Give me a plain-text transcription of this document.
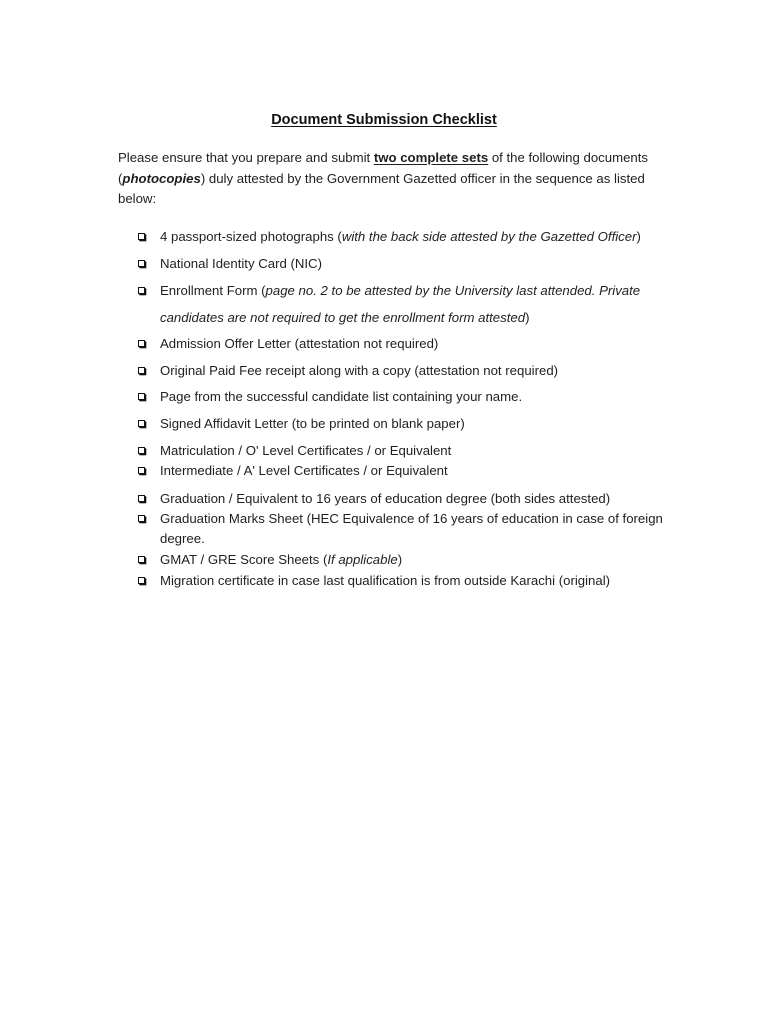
Document Submission Checklist
Please ensure that you prepare and submit two complete sets of the following documents (photocopies) duly attested by the Government Gazetted officer in the sequence as listed below:
4 passport-sized photographs (with the back side attested by the Gazetted Officer)
National Identity Card (NIC)
Enrollment Form (page no. 2 to be attested by the University last attended. Private
candidates are not required to get the enrollment form attested)
Admission Offer Letter (attestation not required)
Original Paid Fee receipt along with a copy (attestation not required)
Page from the successful candidate list containing your name.
Signed Affidavit Letter (to be printed on blank paper)
Matriculation / O' Level Certificates / or Equivalent
Intermediate / A' Level Certificates / or Equivalent
Graduation / Equivalent to 16 years of education degree (both sides attested)
Graduation Marks Sheet (HEC Equivalence of 16 years of education in case of foreign
degree.
GMAT / GRE Score Sheets (If applicable)
Migration certificate in case last qualification is from outside Karachi (original)
